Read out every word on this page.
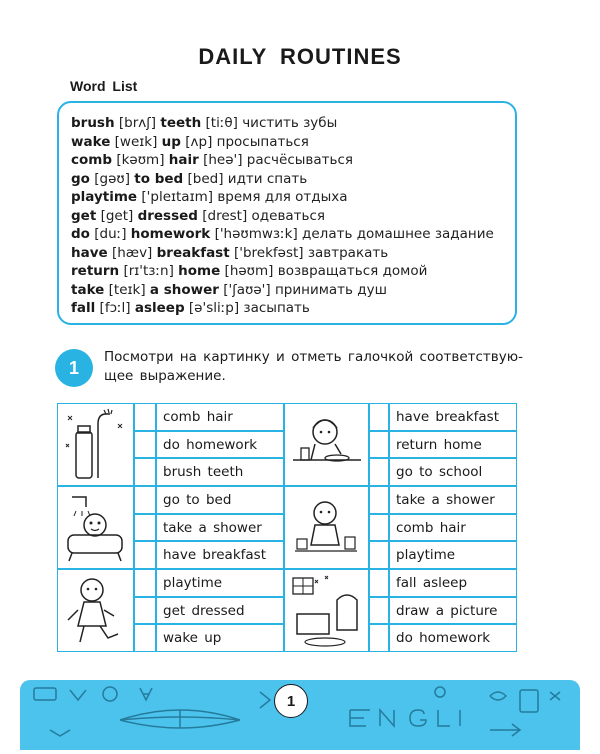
DAILY ROUTINES
Word List
brush [brʌʃ] teeth [tiːθ] чистить зубы
wake [weɪk] up [ʌp] просыпаться
comb [kəʊm] hair [heə'] расчёсываться
go [gəʊ] to bed [bed] идти спать
playtime ['pleɪtaɪm] время для отдыха
get [get] dressed [drest] одеваться
do [duː] homework ['həʊmwɜːk] делать домашнее задание
have [hæv] breakfast ['brekfəst] завтракать
return [rɪ'tɜːn] home [həʊm] возвращаться домой
take [teɪk] a shower ['ʃaʊə'] принимать душ
fall [fɔːl] asleep [ə'sliːp] засыпать
1
Посмотри на картинку и отметь галочкой соответствую-щее выражение.
comb hair
do homework
brush teeth
go to bed
take a shower
have breakfast
playtime
get dressed
wake up
have breakfast
return home
go to school
take a shower
comb hair
playtime
fall asleep
draw a picture
do homework
1
